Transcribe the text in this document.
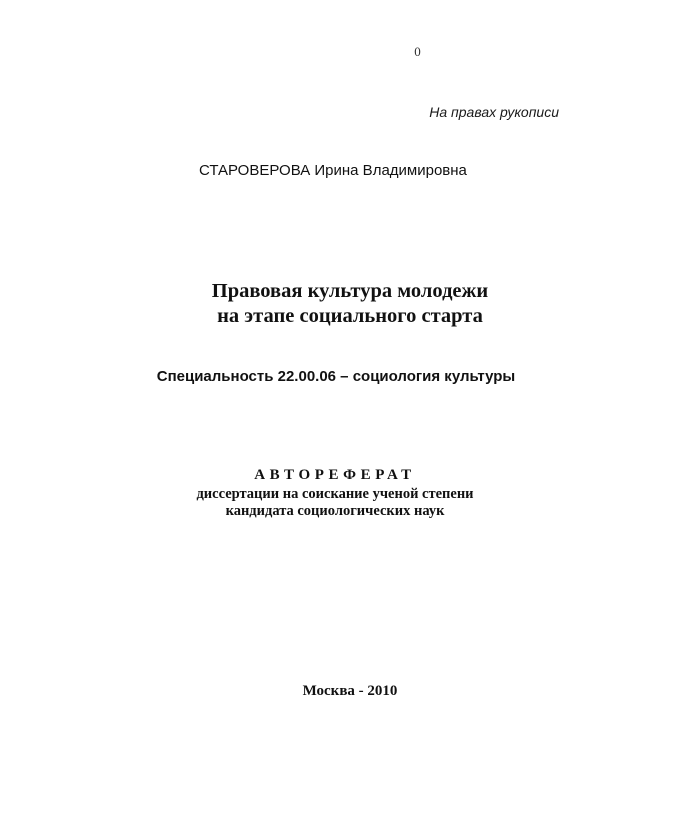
0
На правах рукописи
СТАРОВЕРОВА Ирина Владимировна
Правовая культура молодежи
на этапе социального старта
Специальность 22.00.06 – социология культуры
АВТОРЕФЕРАТ
диссертации на соискание ученой степени
кандидата социологических наук
Москва - 2010
